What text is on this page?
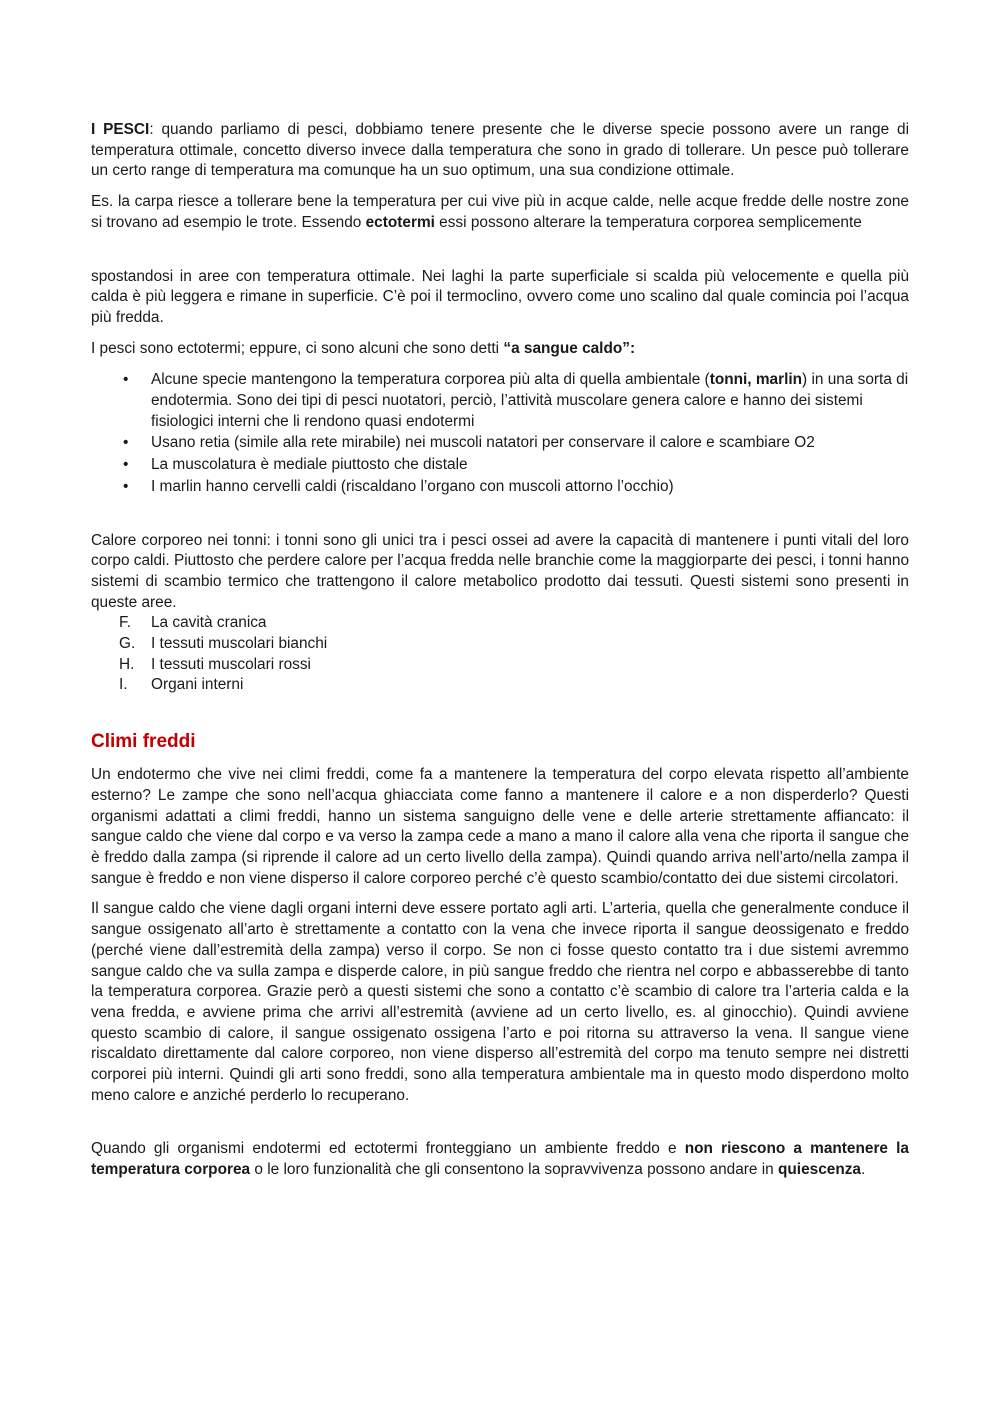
I PESCI: quando parliamo di pesci, dobbiamo tenere presente che le diverse specie possono avere un range di temperatura ottimale, concetto diverso invece dalla temperatura che sono in grado di tollerare. Un pesce può tollerare un certo range di temperatura ma comunque ha un suo optimum, una sua condizione ottimale.

Es. la carpa riesce a tollerare bene la temperatura per cui vive più in acque calde, nelle acque fredde delle nostre zone si trovano ad esempio le trote. Essendo ectotermi essi possono alterare la temperatura corporea semplicemente

spostandosi in aree con temperatura ottimale. Nei laghi la parte superficiale si scalda più velocemente e quella più calda è più leggera e rimane in superficie. C’è poi il termoclino, ovvero come uno scalino dal quale comincia poi l’acqua più fredda.

I pesci sono ectotermi; eppure, ci sono alcuni che sono detti “a sangue caldo”:

• Alcune specie mantengono la temperatura corporea più alta di quella ambientale (tonni, marlin) in una sorta di endotermia. Sono dei tipi di pesci nuotatori, perciò, l’attività muscolare genera calore e hanno dei sistemi fisiologici interni che li rendono quasi endotermi
• Usano retia (simile alla rete mirabile) nei muscoli natatori per conservare il calore e scambiare O2
• La muscolatura è mediale piuttosto che distale
• I marlin hanno cervelli caldi (riscaldano l’organo con muscoli attorno l’occhio)

Calore corporeo nei tonni: i tonni sono gli unici tra i pesci ossei ad avere la capacità di mantenere i punti vitali del loro corpo caldi. Piuttosto che perdere calore per l’acqua fredda nelle branchie come la maggiorparte dei pesci, i tonni hanno sistemi di scambio termico che trattengono il calore metabolico prodotto dai tessuti. Questi sistemi sono presenti in queste aree.

F.	La cavità cranica
G. I tessuti muscolari bianchi
H. I tessuti muscolari rossi
I.	Organi interni
Climi freddi

Un endotermo che vive nei climi freddi, come fa a mantenere la temperatura del corpo elevata rispetto all’ambiente esterno? Le zampe che sono nell’acqua ghiacciata come fanno a mantenere il calore e a non disperderlo? Questi organismi adattati a climi freddi, hanno un sistema sanguigno delle vene e delle arterie strettamente affiancato: il sangue caldo che viene dal corpo e va verso la zampa cede a mano a mano il calore alla vena che riporta il sangue che è freddo dalla zampa (si riprende il calore ad un certo livello della zampa). Quindi quando arriva nell’arto/nella zampa il sangue è freddo e non viene disperso il calore corporeo perché c’è questo scambio/contatto dei due sistemi circolatori.

Il sangue caldo che viene dagli organi interni deve essere portato agli arti. L’arteria, quella che generalmente conduce il sangue ossigenato all’arto è strettamente a contatto con la vena che invece riporta il sangue deossigenato e freddo (perché viene dall’estremità della zampa) verso il corpo. Se non ci fosse questo contatto tra i due sistemi avremmo sangue caldo che va sulla zampa e disperde calore, in più sangue freddo che rientra nel corpo e abbasserebbe di tanto la temperatura corporea. Grazie però a questi sistemi che sono a contatto c’è scambio di calore tra l’arteria calda e la vena fredda, e avviene prima che arrivi all’estremità (avviene ad un certo livello, es. al ginocchio). Quindi avviene questo scambio di calore, il sangue ossigenato ossigena l’arto e poi ritorna su attraverso la vena. Il sangue viene riscaldato direttamente dal calore corporeo, non viene disperso all’estremità del corpo ma tenuto sempre nei distretti corporei più interni. Quindi gli arti sono freddi, sono alla temperatura ambientale ma in questo modo disperdono molto meno calore e anziché perderlo lo recuperano.

Quando gli organismi endotermi ed ectotermi fronteggiano un ambiente freddo e non riescono a mantenere la temperatura corporea o le loro funzionalità che gli consentono la sopravvivenza possono andare in quiescenza.
